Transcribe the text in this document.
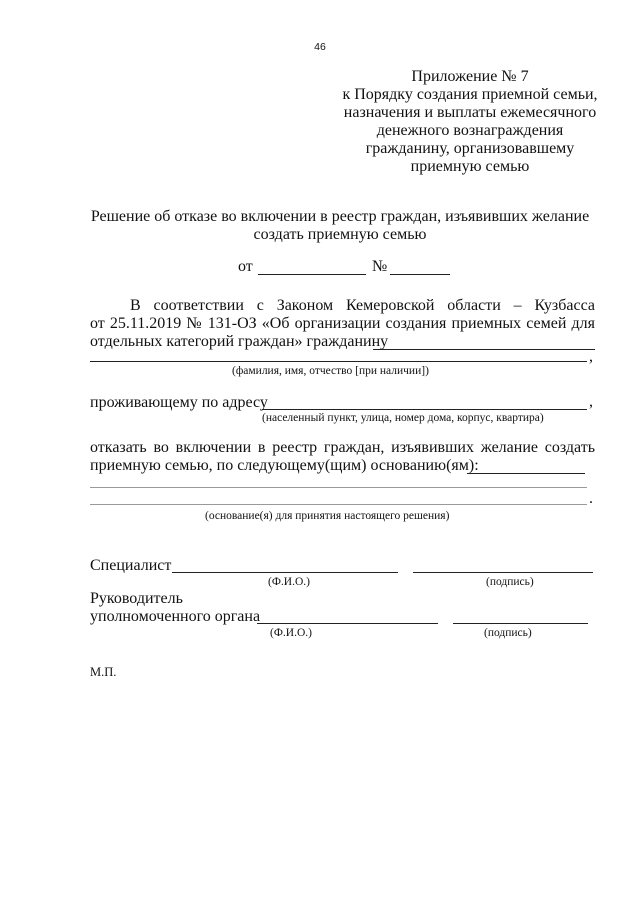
46
Приложение № 7
к Порядку создания приемной семьи,
назначения и выплаты ежемесячного
денежного вознаграждения
гражданину, организовавшему
приемную семью
Решение об отказе во включении в реестр граждан, изъявивших желание
создать приемную семью
от	№
В соответствии с Законом Кемеровской области – Кузбасса
от 25.11.2019 № 131-ОЗ «Об организации создания приемных семей для
отдельных категорий граждан» гражданину
,
(фамилия, имя, отчество [при наличии])
проживающему по адресу	,
(населенный пункт, улица, номер дома, корпус, квартира)
отказать во включении в реестр граждан, изъявивших желание создать
приемную семью, по следующему(щим) основанию(ям):
.
(основание(я) для принятия настоящего решения)
Специалист
(Ф.И.О.)	(подпись)
Руководитель
уполномоченного органа
(Ф.И.О.)	(подпись)
М.П.
